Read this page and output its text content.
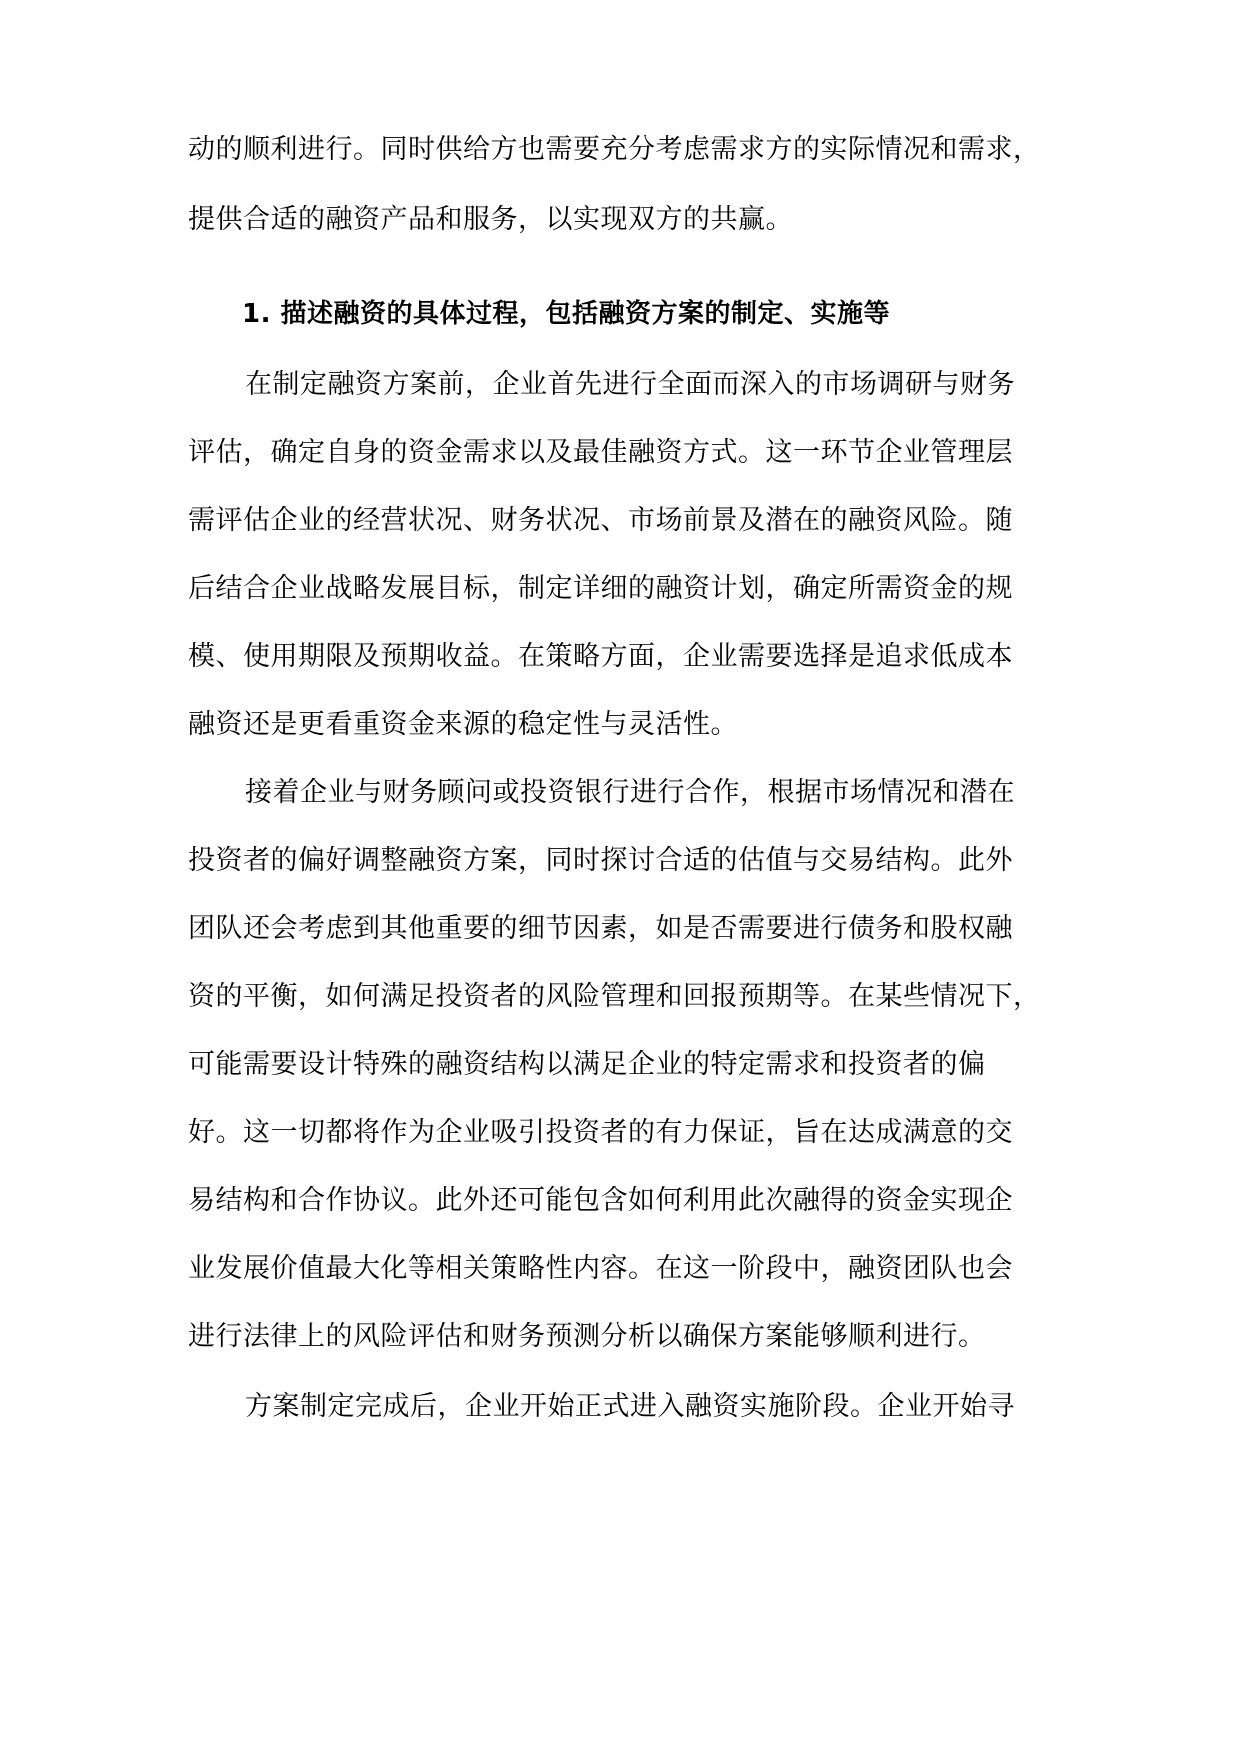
动的顺利进行。同时供给方也需要充分考虑需求方的实际情况和需求，
提供合适的融资产品和服务，以实现双方的共赢。
1. 描述融资的具体过程，包括融资方案的制定、实施等
在制定融资方案前，企业首先进行全面而深入的市场调研与财务
评估，确定自身的资金需求以及最佳融资方式。这一环节企业管理层
需评估企业的经营状况、财务状况、市场前景及潜在的融资风险。随
后结合企业战略发展目标，制定详细的融资计划，确定所需资金的规
模、使用期限及预期收益。在策略方面，企业需要选择是追求低成本
融资还是更看重资金来源的稳定性与灵活性。
接着企业与财务顾问或投资银行进行合作，根据市场情况和潜在
投资者的偏好调整融资方案，同时探讨合适的估值与交易结构。此外
团队还会考虑到其他重要的细节因素，如是否需要进行债务和股权融
资的平衡，如何满足投资者的风险管理和回报预期等。在某些情况下，
可能需要设计特殊的融资结构以满足企业的特定需求和投资者的偏
好。这一切都将作为企业吸引投资者的有力保证，旨在达成满意的交
易结构和合作协议。此外还可能包含如何利用此次融得的资金实现企
业发展价值最大化等相关策略性内容。在这一阶段中，融资团队也会
进行法律上的风险评估和财务预测分析以确保方案能够顺利进行。
方案制定完成后，企业开始正式进入融资实施阶段。企业开始寻
